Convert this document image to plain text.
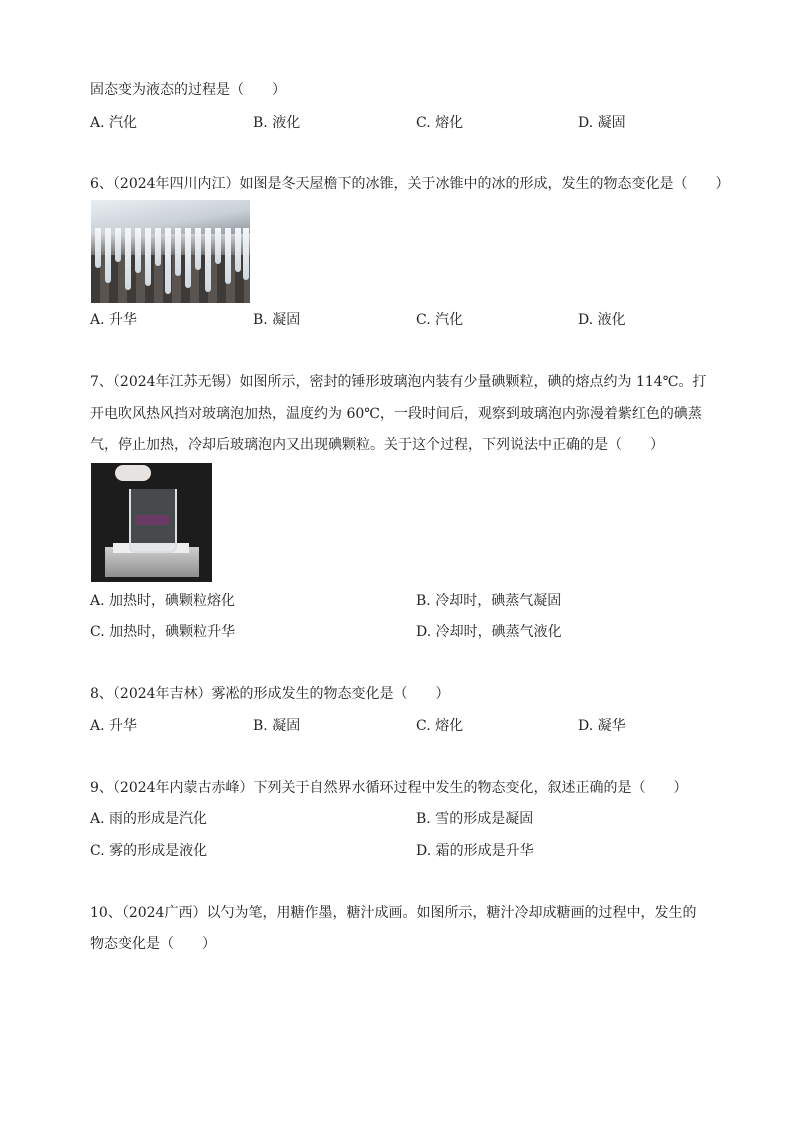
固态变为液态的过程是（　　）
A. 汽化	B. 液化	C. 熔化	D. 凝固
6、（2024年四川内江）如图是冬天屋檐下的冰锥，关于冰锥中的冰的形成，发生的物态变化是（　　）
A. 升华	B. 凝固	C. 汽化	D. 液化
7、（2024年江苏无锡）如图所示，密封的锤形玻璃泡内装有少量碘颗粒，碘的熔点约为 114℃。打
开电吹风热风挡对玻璃泡加热，温度约为 60℃，一段时间后，观察到玻璃泡内弥漫着紫红色的碘蒸
气，停止加热，冷却后玻璃泡内又出现碘颗粒。关于这个过程，下列说法中正确的是（　　）
A. 加热时，碘颗粒熔化	B. 冷却时，碘蒸气凝固
C. 加热时，碘颗粒升华	D. 冷却时，碘蒸气液化
8、（2024年吉林）雾凇的形成发生的物态变化是（　　）
A. 升华	B. 凝固	C. 熔化	D. 凝华
9、（2024年内蒙古赤峰）下列关于自然界水循环过程中发生的物态变化，叙述正确的是（　　）
A. 雨的形成是汽化	B. 雪的形成是凝固
C. 雾的形成是液化	D. 霜的形成是升华
10、（2024广西）以勺为笔，用糖作墨，糖汁成画。如图所示，糖汁冷却成糖画的过程中，发生的
物态变化是（　　）
